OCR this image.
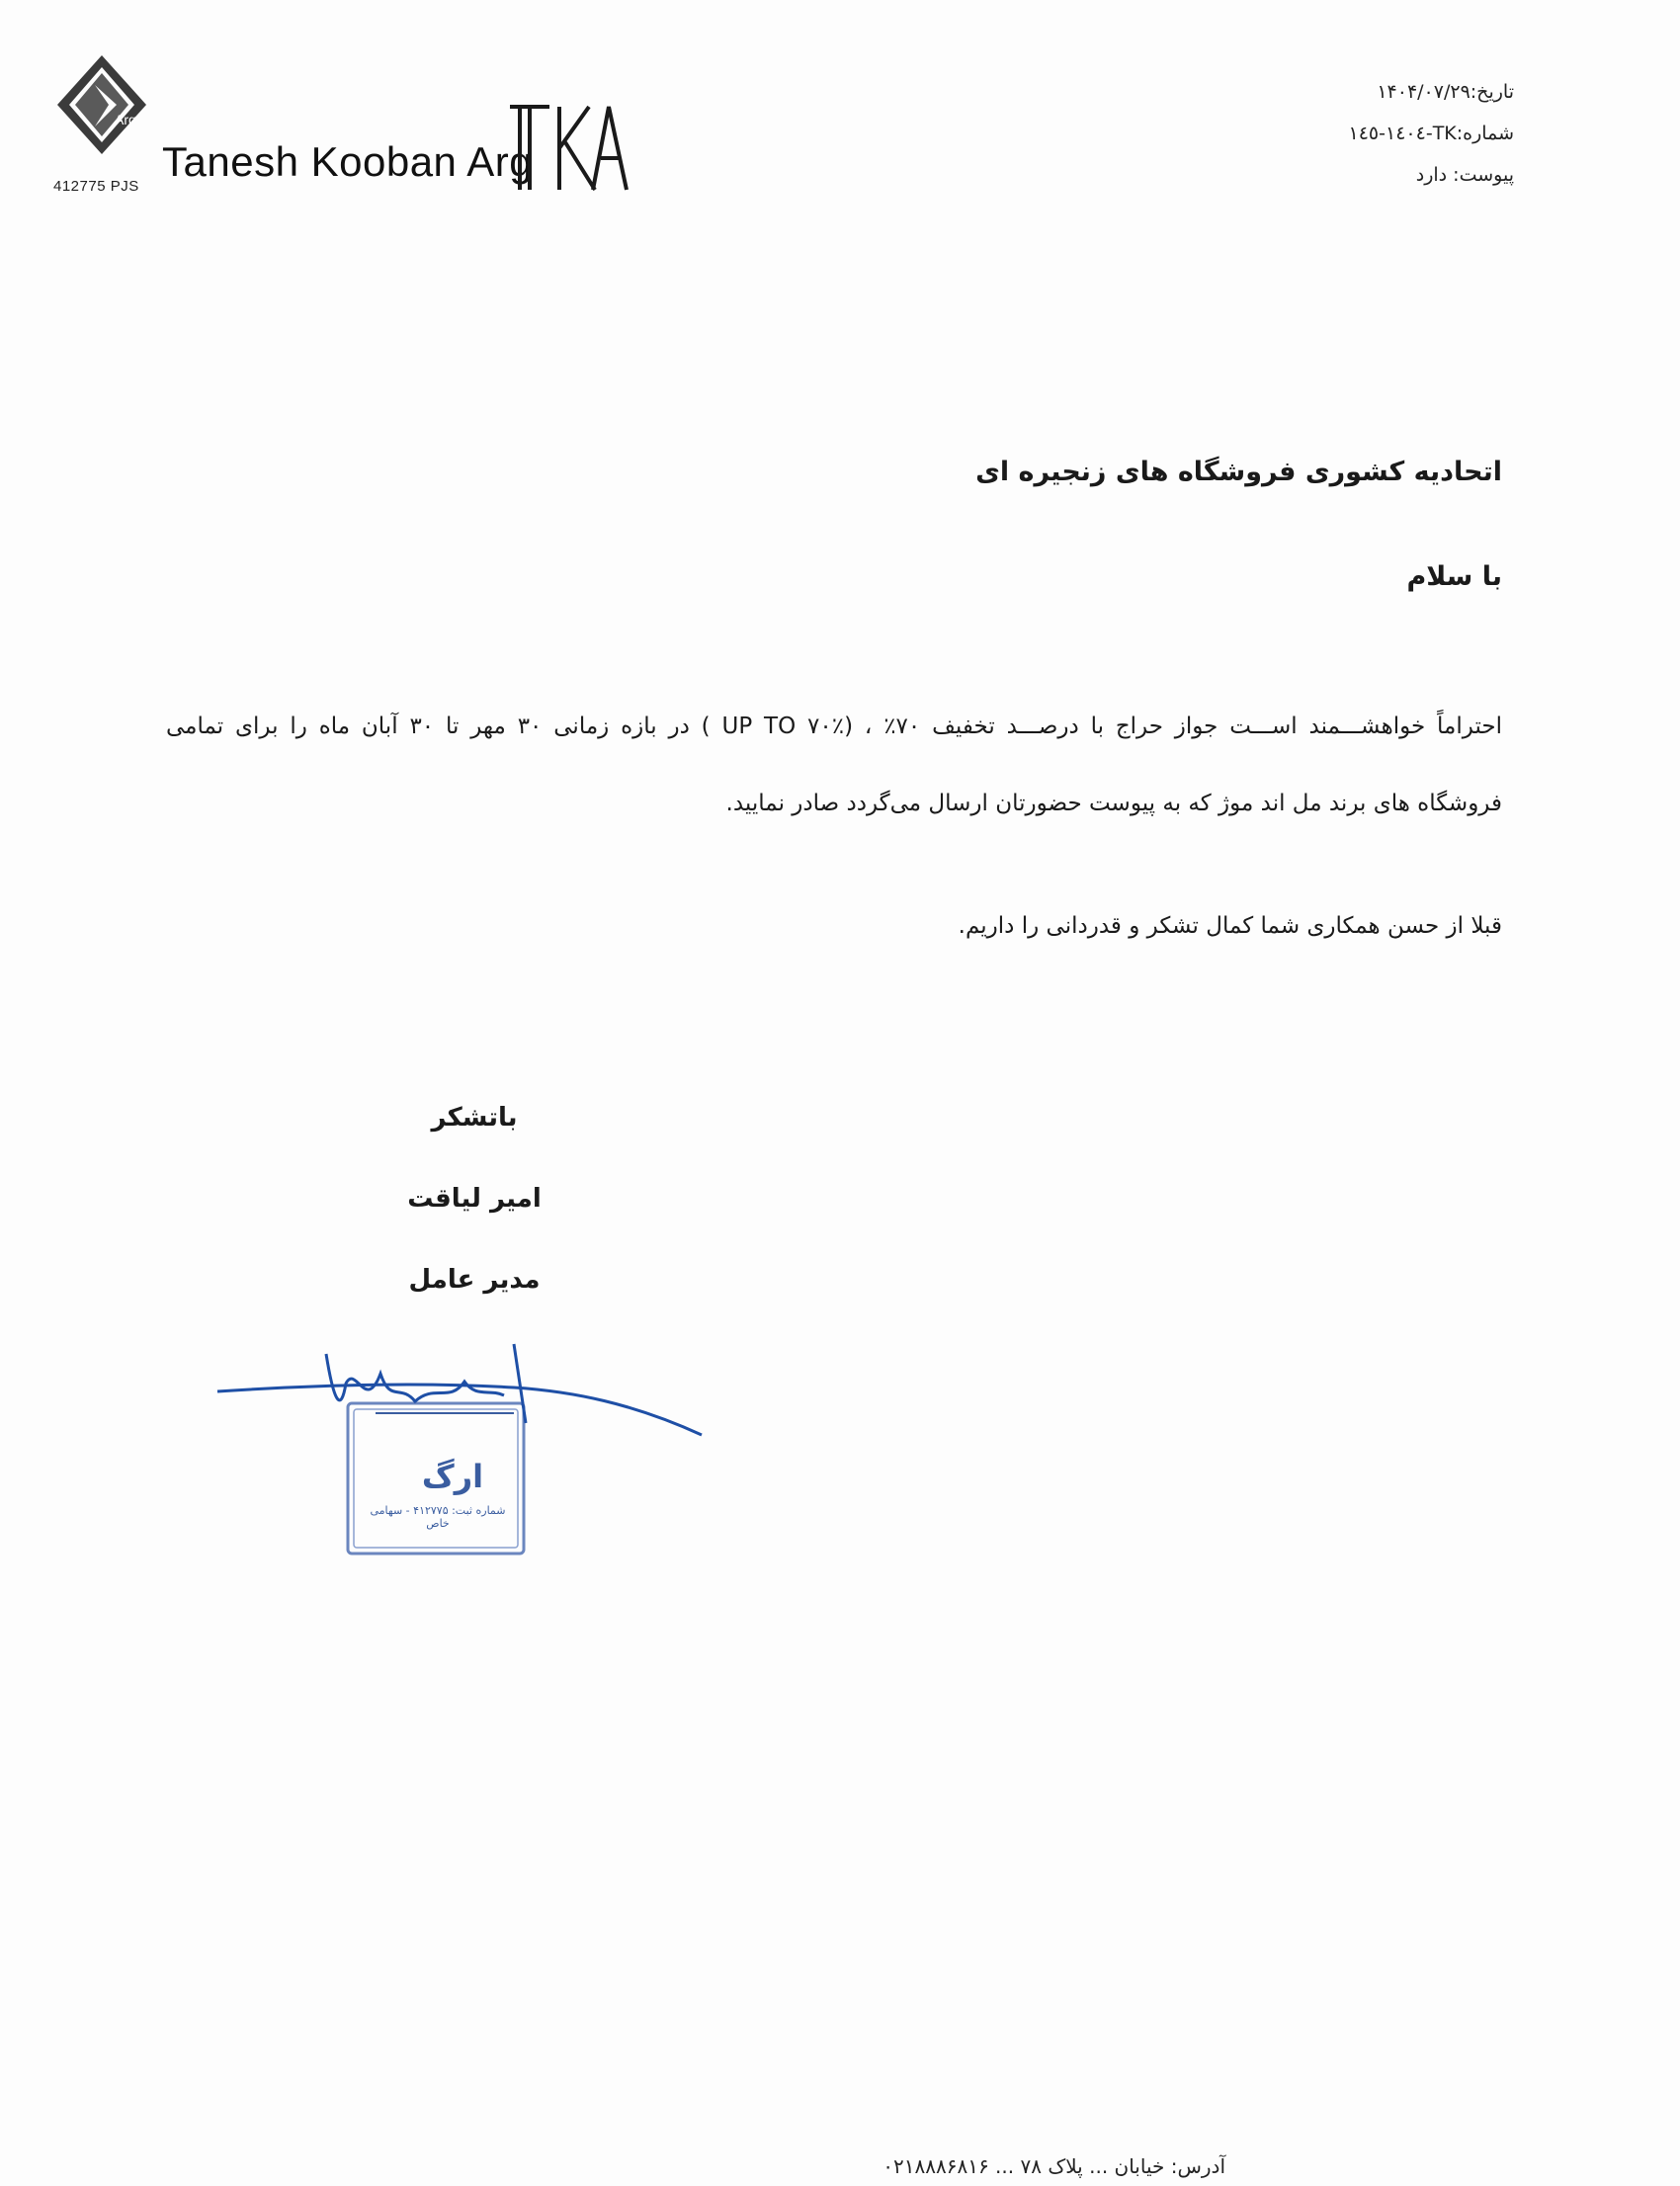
Arg
412775 PJS
Tanesh Kooban Arg
تاریخ:۱۴۰۴/۰۷/۲۹
شماره:TK-١٤٠٤-١٤٥
پیوست: دارد
اتحادیه کشوری فروشگاه های زنجیره ای
با سلام
احتراماً خواهشـــمند اســـت جواز حراج با درصـــد تخفیف ۷۰٪ ، (٪۷۰ UP TO ) در بازه زمانی ۳۰ مهر تا ۳۰ آبان ماه را برای تمامی
فروشگاه های برند مل اند موژ که به پیوست حضورتان ارسال می‌گردد صادر نمایید.
قبلا از حسن همکاری شما کمال تشکر و قدردانی را داریم.
باتشکر
امیر لیاقت
مدیر عامل
ارگ
شماره ثبت: ۴۱۲۷۷۵ - سهامی خاص
آدرس: خیابان ... پلاک ۷۸ ... ۰۲۱۸۸۸۶۸۱۶
